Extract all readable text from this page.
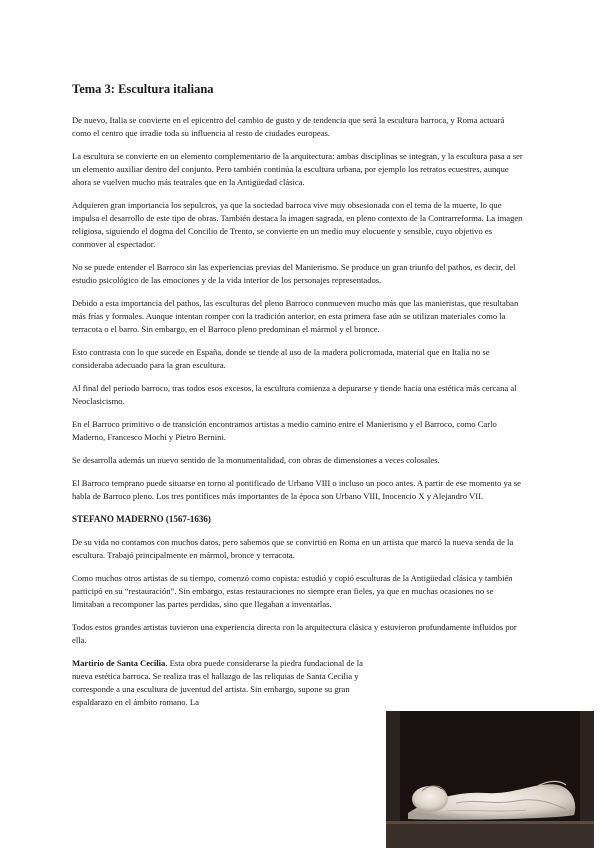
Tema 3: Escultura italiana

De nuevo, Italia se convierte en el epicentro del cambio de gusto y de tendencia que será la escultura barroca, y Roma actuará como el centro que irradie toda su influencia al resto de ciudades europeas.

La escultura se convierte en un elemento complementario de la arquitectura: ambas disciplinas se integran, y la escultura pasa a ser un elemento auxiliar dentro del conjunto. Pero también continúa la escultura urbana, por ejemplo los retratos ecuestres, aunque ahora se vuelven mucho más teatrales que en la Antigüedad clásica.

Adquieren gran importancia los sepulcros, ya que la sociedad barroca vive muy obsesionada con el tema de la muerte, lo que impulsa el desarrollo de este tipo de obras. También destaca la imagen sagrada, en pleno contexto de la Contrarreforma. La imagen religiosa, siguiendo el dogma del Concilio de Trento, se convierte en un medio muy elocuente y sensible, cuyo objetivo es conmover al espectador.

No se puede entender el Barroco sin las experiencias previas del Manierismo. Se produce un gran triunfo del pathos, es decir, del estudio psicológico de las emociones y de la vida interior de los personajes representados.

Debido a esta importancia del pathos, las esculturas del pleno Barroco conmueven mucho más que las manieristas, que resultaban más frías y formales. Aunque intentan romper con la tradición anterior, en esta primera fase aún se utilizan materiales como la terracota o el barro. Sin embargo, en el Barroco pleno predominan el mármol y el bronce.

Esto contrasta con lo que sucede en España, donde se tiende al uso de la madera policromada, material que en Italia no se consideraba adecuado para la gran escultura.

Al final del periodo barroco, tras todos esos excesos, la escultura comienza a depurarse y tiende hacia una estética más cercana al Neoclasicismo.

En el Barroco primitivo o de transición encontramos artistas a medio camino entre el Manierismo y el Barroco, como Carlo Maderno, Francesco Mochi y Pietro Bernini.

Se desarrolla además un nuevo sentido de la monumentalidad, con obras de dimensiones a veces colosales.

El Barroco temprano puede situarse en torno al pontificado de Urbano VIII o incluso un poco antes. A partir de ese momento ya se habla de Barroco pleno. Los tres pontífices más importantes de la época son Urbano VIII, Inocencio X y Alejandro VII.

STEFANO MADERNO (1567-1636)

De su vida no contamos con muchos datos, pero sabemos que se convirtió en Roma en un artista que marcó la nueva senda de la escultura. Trabajó principalmente en mármol, bronce y terracota.

Como muchos otros artistas de su tiempo, comenzó como copista: estudió y copió esculturas de la Antigüedad clásica y también participó en su “restauración”. Sin embargo, estas restauraciones no siempre eran fieles, ya que en muchas ocasiones no se limitaban a recomponer las partes perdidas, sino que llegaban a inventarlas.

Todos estos grandes artistas tuvieron una experiencia directa con la arquitectura clásica y estuvieron profundamente influidos por ella.

Martirio de Santa Cecilia. Esta obra puede considerarse la piedra fundacional de la nueva estética barroca. Se realiza tras el hallazgo de las reliquias de Santa Cecilia y corresponde a una escultura de juventud del artista. Sin embargo, supone su gran espaldarazo en el ámbito romano. La
